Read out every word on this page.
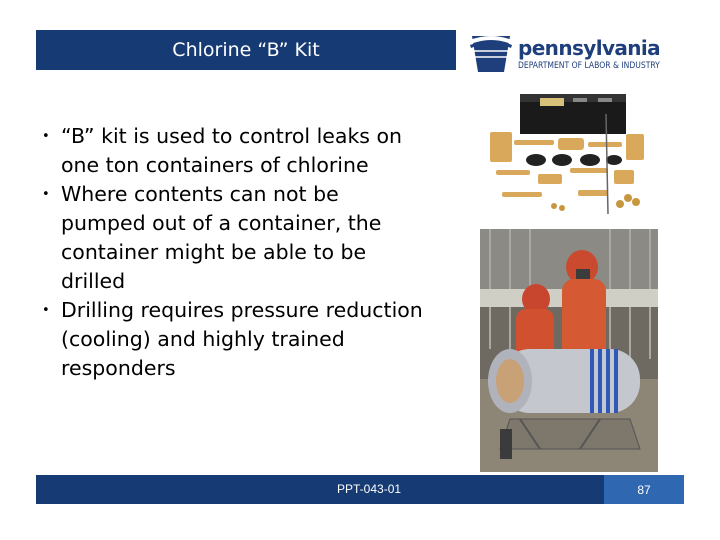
Chlorine “B” Kit	pennsylvania
DEPARTMENT OF LABOR & INDUSTRY
• “B” kit is used to control leaks on one ton containers of chlorine
• Where contents can not be pumped out of a container, the container might be able to be drilled
• Drilling requires pressure reduction (cooling) and highly trained responders
PPT-043-01	87
